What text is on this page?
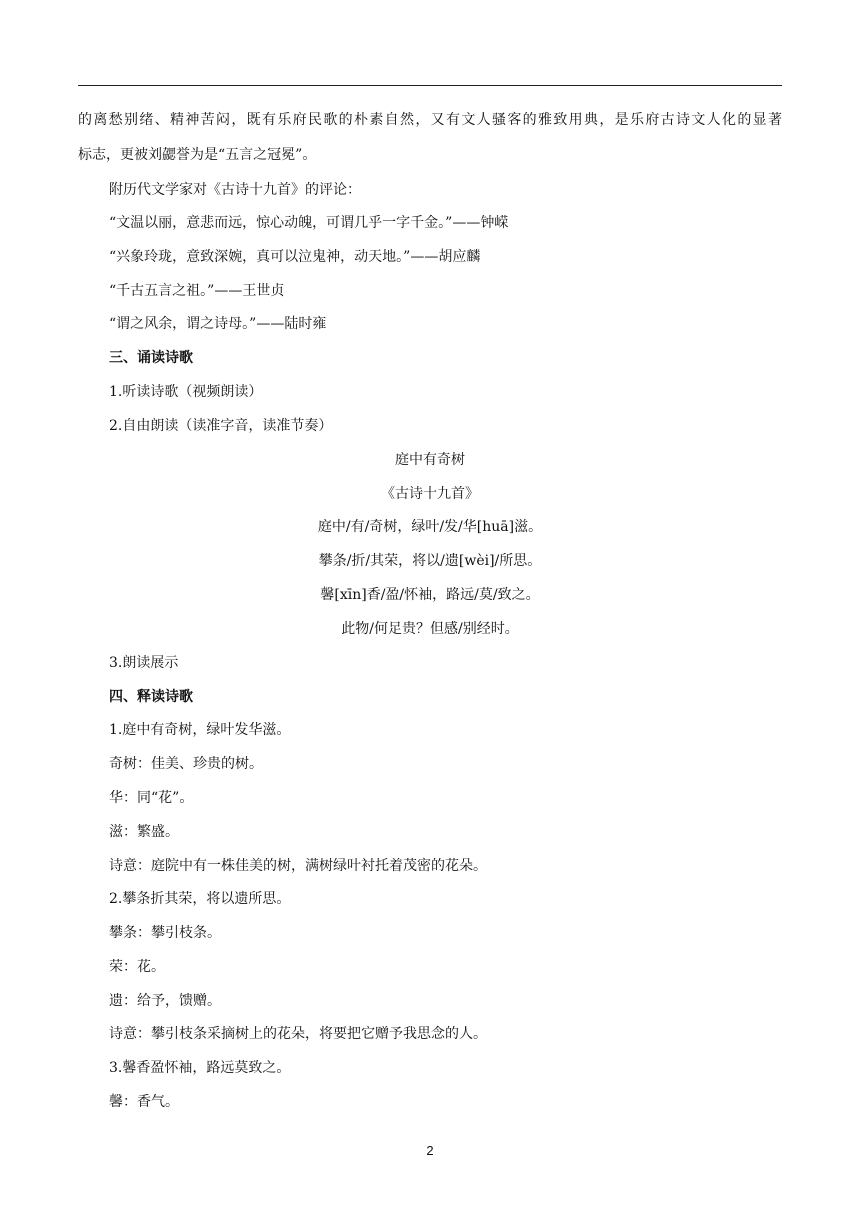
的离愁别绪、精神苦闷，既有乐府民歌的朴素自然，又有文人骚客的雅致用典，是乐府古诗文人化的显著
标志，更被刘勰誉为是“五言之冠冕”。
附历代文学家对《古诗十九首》的评论：
“文温以丽，意悲而远，惊心动魄，可谓几乎一字千金。”——钟嵘
“兴象玲珑，意致深婉，真可以泣鬼神，动天地。”——胡应麟
“千古五言之祖。”——王世贞
“谓之风余，谓之诗母。”——陆时雍
三、诵读诗歌
1.听读诗歌（视频朗读）
2.自由朗读（读准字音，读准节奏）
庭中有奇树
《古诗十九首》
庭中/有/奇树，绿叶/发/华[huā]滋。
攀条/折/其荣，将以/遗[wèi]/所思。
馨[xīn]香/盈/怀袖，路远/莫/致之。
此物/何足贵？但感/别经时。
3.朗读展示
四、释读诗歌
1.庭中有奇树，绿叶发华滋。
奇树：佳美、珍贵的树。
华：同“花”。
滋：繁盛。
诗意：庭院中有一株佳美的树，满树绿叶衬托着茂密的花朵。
2.攀条折其荣，将以遗所思。
攀条：攀引枝条。
荣：花。
遗：给予，馈赠。
诗意：攀引枝条采摘树上的花朵，将要把它赠予我思念的人。
3.馨香盈怀袖，路远莫致之。
馨：香气。
2
